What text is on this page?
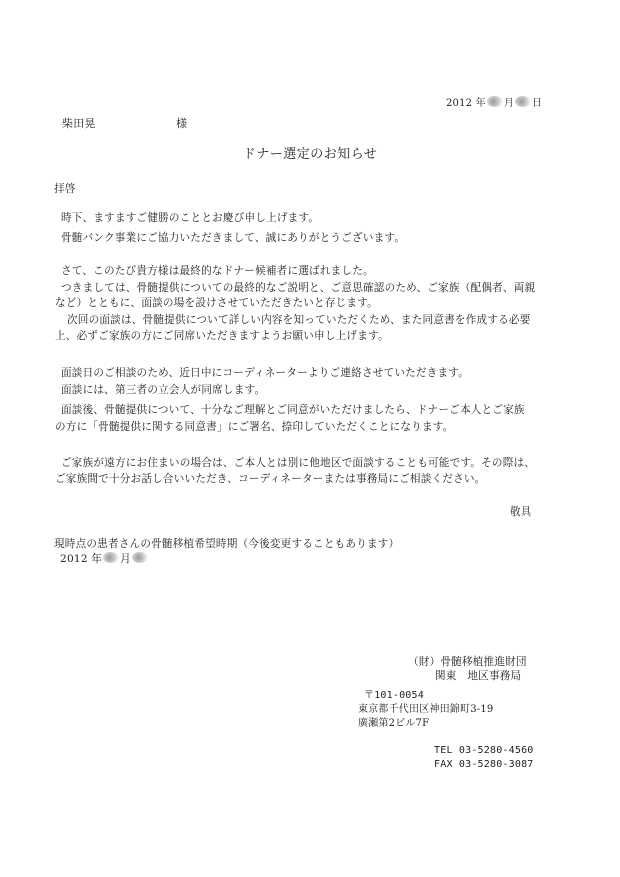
2012 年 月 日
柴田晃	様
ドナー選定のお知らせ
拝啓
時下、ますますご健勝のこととお慶び申し上げます。
骨髄バンク事業にご協力いただきまして、誠にありがとうございます。
さて、このたび貴方様は最終的なドナー候補者に選ばれました。
つきましては、骨髄提供についての最終的なご説明と、ご意思確認のため、ご家族（配偶者、両親
など）とともに、面談の場を設けさせていただきたいと存じます。
次回の面談は、骨髄提供について詳しい内容を知っていただくため、また同意書を作成する必要
上、必ずご家族の方にご同席いただきますようお願い申し上げます。
面談日のご相談のため、近日中にコーディネーターよりご連絡させていただきます。
面談には、第三者の立会人が同席します。
面談後、骨髄提供について、十分なご理解とご同意がいただけましたら、ドナーご本人とご家族
の方に「骨髄提供に関する同意書」にご署名、捺印していただくことになります。
ご家族が遠方にお住まいの場合は、ご本人とは別に他地区で面談することも可能です。その際は、
ご家族間で十分お話し合いいただき、コーディネーターまたは事務局にご相談ください。
敬具
現時点の患者さんの骨髄移植希望時期（今後変更することもあります）
2012 年 月
（財）骨髄移植推進財団
関東　地区事務局
〒101-0054
東京都千代田区神田錦町3-19
廣瀬第2ビル7F
TEL 03-5280-4560
FAX 03-5280-3087
